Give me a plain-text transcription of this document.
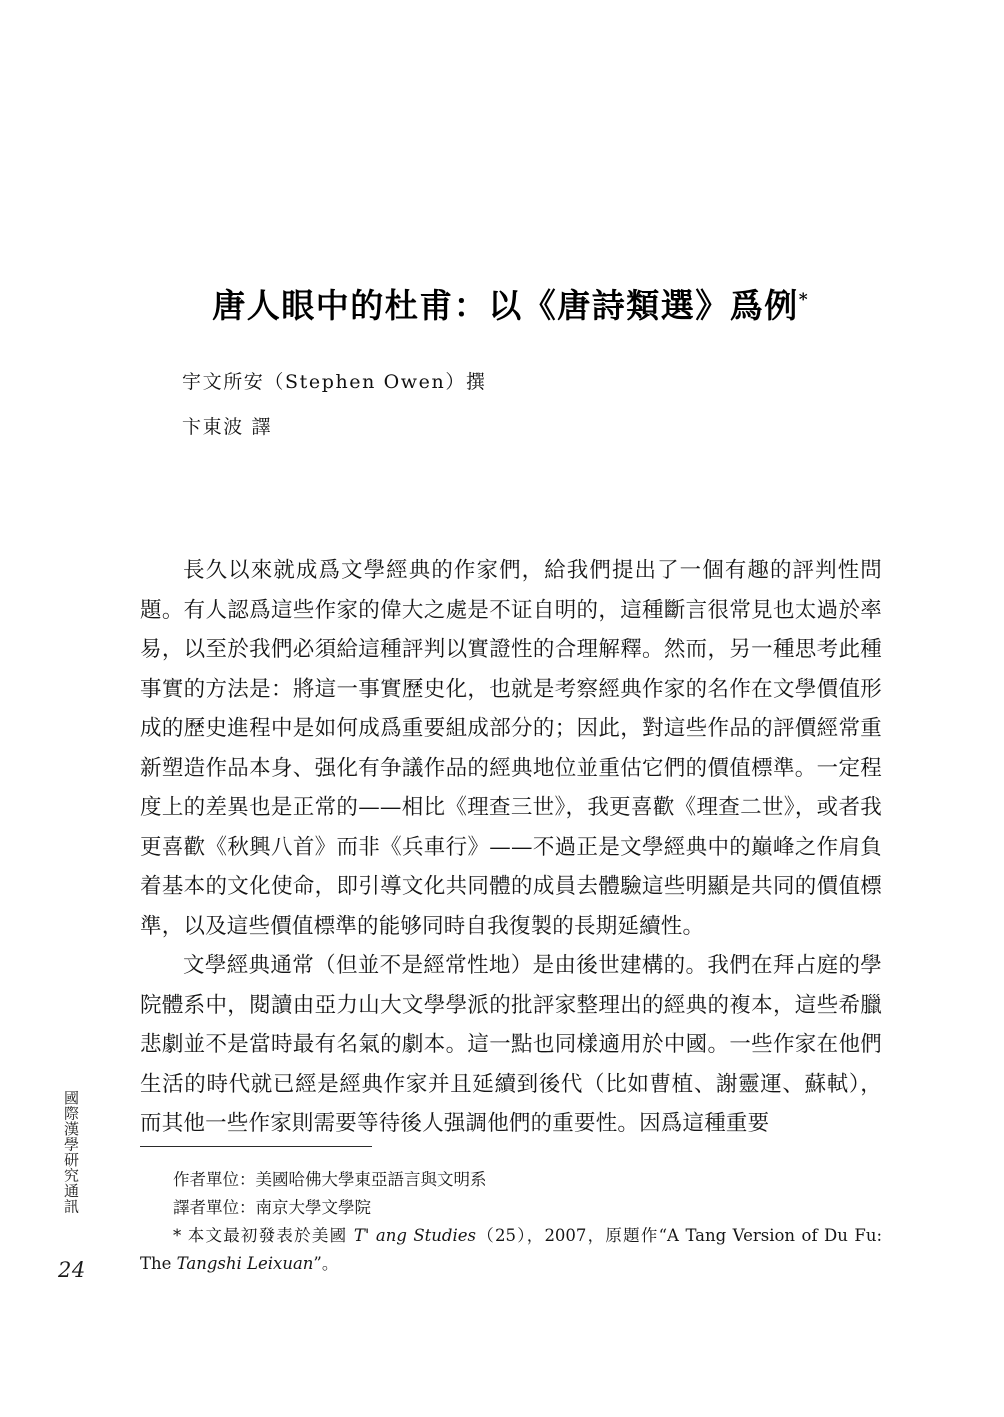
國際漢學研究通訊
24
唐人眼中的杜甫：以《唐詩類選》爲例*
宇文所安（Stephen Owen）撰
卞東波 譯

長久以來就成爲文學經典的作家們，給我們提出了一個有趣的評判性問題。有人認爲這些作家的偉大之處是不证自明的，這種斷言很常見也太過於率易，以至於我們必須給這種評判以實證性的合理解釋。然而，另一種思考此種事實的方法是：將這一事實歷史化，也就是考察經典作家的名作在文學價值形成的歷史進程中是如何成爲重要組成部分的；因此，對這些作品的評價經常重新塑造作品本身、强化有争議作品的經典地位並重估它們的價值標準。一定程度上的差異也是正常的——相比《理查三世》，我更喜歡《理查二世》，或者我更喜歡《秋興八首》而非《兵車行》——不過正是文學經典中的巔峰之作肩負着基本的文化使命，即引導文化共同體的成員去體驗這些明顯是共同的價值標準，以及這些價值標準的能够同時自我復製的長期延續性。

文學經典通常（但並不是經常性地）是由後世建構的。我們在拜占庭的學院體系中，閱讀由亞力山大文學學派的批評家整理出的經典的複本，這些希臘悲劇並不是當時最有名氣的劇本。這一點也同樣適用於中國。一些作家在他們生活的時代就已經是經典作家并且延續到後代（比如曹植、謝靈運、蘇軾），而其他一些作家則需要等待後人强調他們的重要性。因爲這種重要

作者單位：美國哈佛大學東亞語言與文明系

譯者單位：南京大學文學院

* 本文最初發表於美國 T' ang Studies（25），2007，原題作“A Tang Version of Du Fu: The Tangshi Leixuan”。
